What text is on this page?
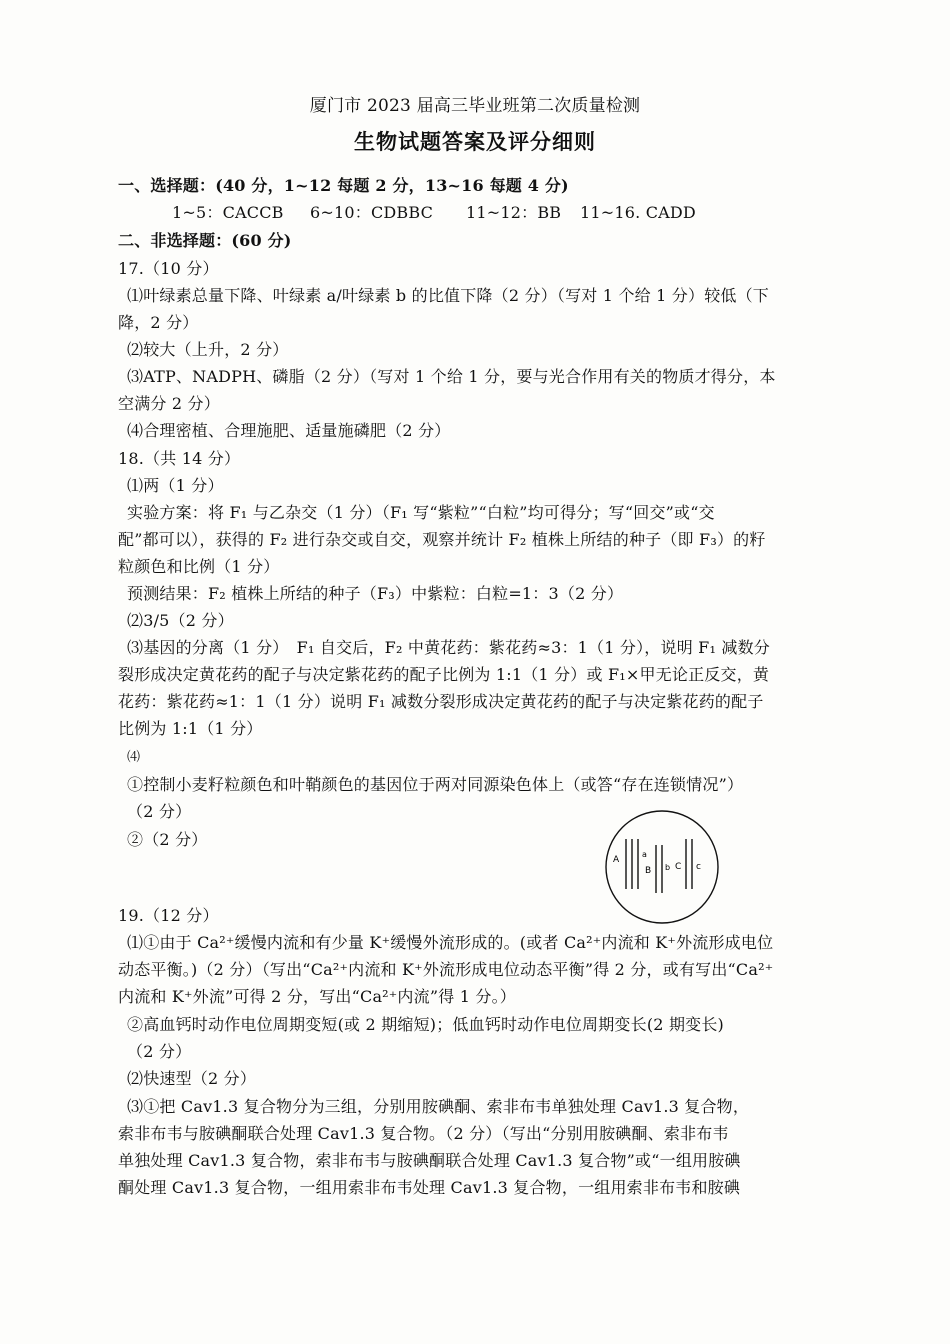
厦门市 2023 届高三毕业班第二次质量检测
生物试题答案及评分细则
一、选择题：(40 分，1~12 每题 2 分，13~16 每题 4 分)
1~5：CACCB 6~10：CDBBC 11~12：BB 11~16. CADD
二、非选择题：(60 分)
17.（10 分）
⑴叶绿素总量下降、叶绿素 a/叶绿素 b 的比值下降（2 分）（写对 1 个给 1 分）较低（下
降，2 分）
⑵较大（上升，2 分）
⑶ATP、NADPH、磷脂（2 分）（写对 1 个给 1 分，要与光合作用有关的物质才得分，本
空满分 2 分）
⑷合理密植、合理施肥、适量施磷肥（2 分）
18.（共 14 分）
⑴两（1 分）
实验方案：将 F₁ 与乙杂交（1 分）（F₁ 写“紫粒”“白粒”均可得分；写“回交”或“交
配”都可以），获得的 F₂ 进行杂交或自交，观察并统计 F₂ 植株上所结的种子（即 F₃）的籽
粒颜色和比例（1 分）
预测结果：F₂ 植株上所结的种子（F₃）中紫粒：白粒=1：3（2 分）
⑵3/5（2 分）
⑶基因的分离（1 分）　F₁ 自交后，F₂ 中黄花药：紫花药≈3：1（1 分），说明 F₁ 减数分
裂形成决定黄花药的配子与决定紫花药的配子比例为 1:1（1 分）或 F₁×甲无论正反交，黄
花药：紫花药≈1：1（1 分）说明 F₁ 减数分裂形成决定黄花药的配子与决定紫花药的配子
比例为 1:1（1 分）
⑷
①控制小麦籽粒颜色和叶鞘颜色的基因位于两对同源染色体上（或答“存在连锁情况”）
（2 分）
②（2 分）
A
a
B b C c
19.（12 分）
⑴①由于 Ca²⁺缓慢内流和有少量 K⁺缓慢外流形成的。(或者 Ca²⁺内流和 K⁺外流形成电位
动态平衡。)（2 分）（写出“Ca²⁺内流和 K⁺外流形成电位动态平衡”得 2 分，或有写出“Ca²⁺
内流和 K⁺外流”可得 2 分，写出“Ca²⁺内流”得 1 分。）
②高血钙时动作电位周期变短(或 2 期缩短)；低血钙时动作电位周期变长(2 期变长)
（2 分）
⑵快速型（2 分）
⑶①把 Cav1.3 复合物分为三组，分别用胺碘酮、索非布韦单独处理 Cav1.3 复合物，
索非布韦与胺碘酮联合处理 Cav1.3 复合物。（2 分）（写出“分别用胺碘酮、索非布韦
单独处理 Cav1.3 复合物，索非布韦与胺碘酮联合处理 Cav1.3 复合物”或“一组用胺碘
酮处理 Cav1.3 复合物，一组用索非布韦处理 Cav1.3 复合物，一组用索非布韦和胺碘
